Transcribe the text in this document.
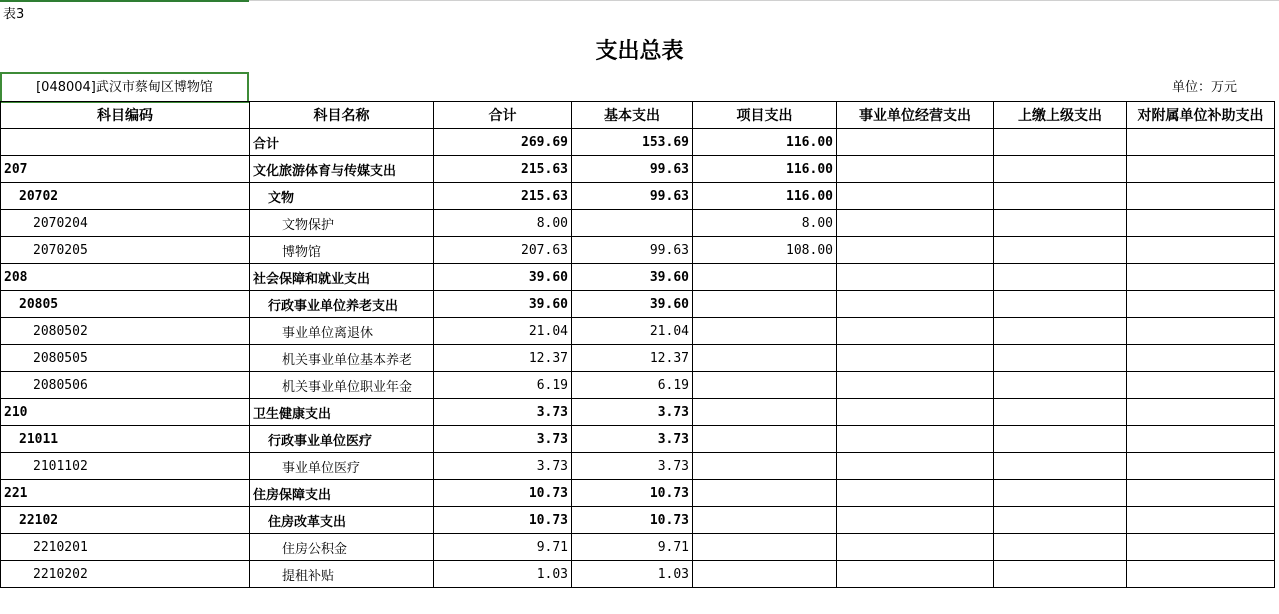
表3
支出总表
[048004]武汉市蔡甸区博物馆	单位：万元
科目编码	科目名称	合计	基本支出	项目支出	事业单位经营支出	上缴上级支出	对附属单位补助支出
	合计	269.69	153.69	116.00			
207	文化旅游体育与传媒支出	215.63	99.63	116.00			
20702	文物	215.63	99.63	116.00			
2070204	文物保护	8.00		8.00			
2070205	博物馆	207.63	99.63	108.00			
208	社会保障和就业支出	39.60	39.60				
20805	行政事业单位养老支出	39.60	39.60				
2080502	事业单位离退休	21.04	21.04				
2080505	机关事业单位基本养老	12.37	12.37				
2080506	机关事业单位职业年金	6.19	6.19				
210	卫生健康支出	3.73	3.73				
21011	行政事业单位医疗	3.73	3.73				
2101102	事业单位医疗	3.73	3.73				
221	住房保障支出	10.73	10.73				
22102	住房改革支出	10.73	10.73				
2210201	住房公积金	9.71	9.71				
2210202	提租补贴	1.03	1.03				
